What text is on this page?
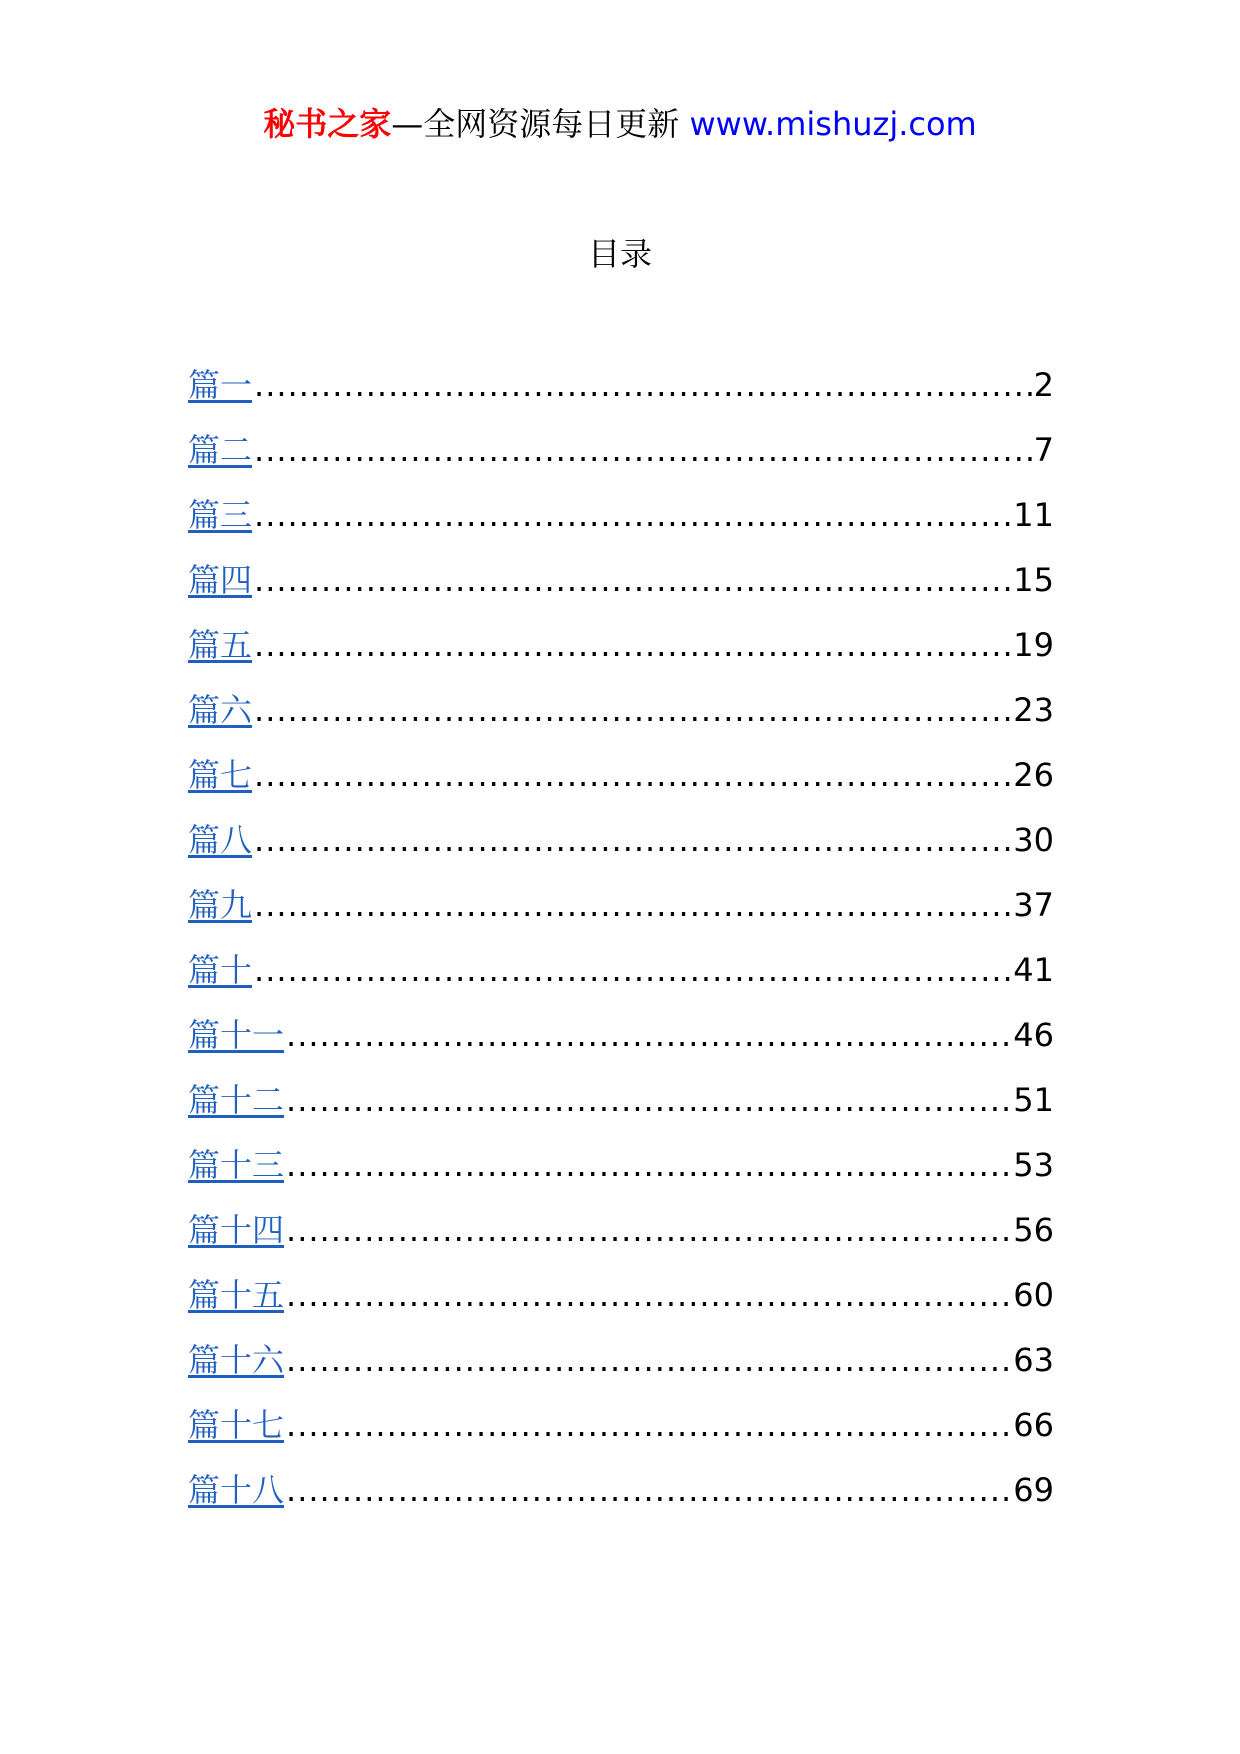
秘书之家—全网资源每日更新 www.mishuzj.com
目录
篇一 .....	2
篇二 .....	7
篇三 .....	11
篇四 .....	15
篇五 .....	19
篇六 .....	23
篇七 .....	26
篇八 .....	30
篇九 .....	37
篇十 .....	41
篇十一 .....	46
篇十二 .....	51
篇十三 .....	53
篇十四 .....	56
篇十五 .....	60
篇十六 .....	63
篇十七 .....	66
篇十八 .....	69
